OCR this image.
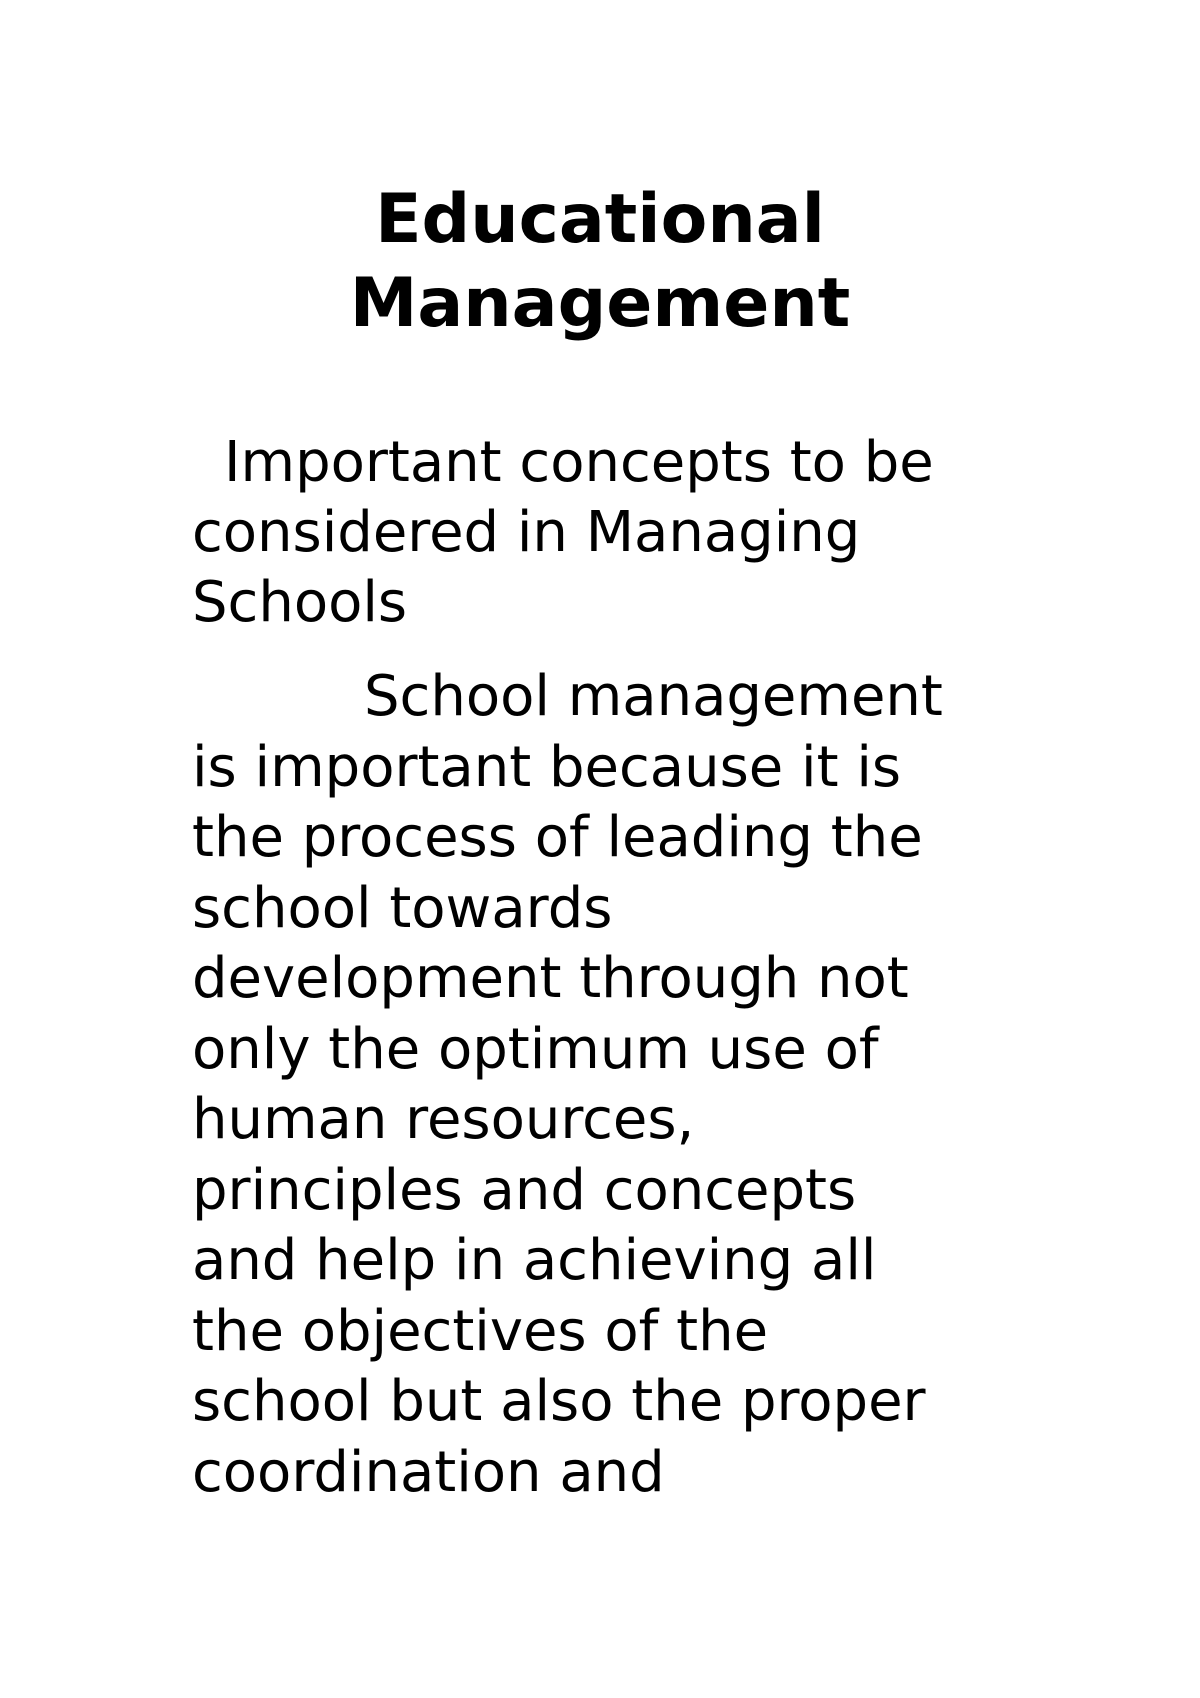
Educational
Management

Important concepts to be
considered in Managing
Schools

School management
is important because it is
the process of leading the
school towards
development through not
only the optimum use of
human resources,
principles and concepts
and help in achieving all
the objectives of the
school but also the proper
coordination and
